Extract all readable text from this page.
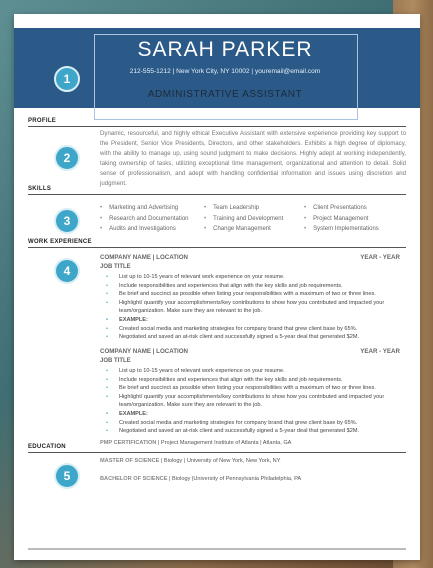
SARAH PARKER
212-555-1212 | New York City, NY 10002 | youremail@email.com
ADMINISTRATIVE ASSISTANT
1
PROFILE
2
Dynamic, resourceful, and highly ethical Executive Assistant with extensive experience providing key support to the President, Senior Vice Presidents, Directors, and other stakeholders. Exhibits a high degree of diplomacy, with the ability to manage up, using sound judgment to make decisions. Highly adept at working independently, taking ownership of tasks, utilizing exceptional time management, organizational and attention to detail. Solid sense of professionalism, and adept with handling confidential information and issues using discretion and judgment.
SKILLS
3
• Marketing and Advertising
• Research and Documentation
• Audits and Investigations
• Team Leadership
• Training and Development
• Change Management
• Client Presentations
• Project Management
• System Implementations
WORK EXPERIENCE
4
COMPANY NAME | LOCATION	YEAR - YEAR
JOB TITLE
• List up to 10-15 years of relevant work experience on your resume.
• Include responsibilities and experiences that align with the key skills and job requirements.
• Be brief and succinct as possible when listing your responsibilities with a maximum of two or three lines.
• Highlight/ quantify your accomplishments/key contributions to show how you contributed and impacted your team/organization. Make sure they are relevant to the job.
• EXAMPLE:
• Created social media and marketing strategies for company brand that grew client base by 65%.
• Negotiated and saved an at-risk client and successfully signed a 5-year deal that generated $2M.
COMPANY NAME | LOCATION	YEAR - YEAR
JOB TITLE
• List up to 10-15 years of relevant work experience on your resume.
• Include responsibilities and experiences that align with the key skills and job requirements.
• Be brief and succinct as possible when listing your responsibilities with a maximum of two or three lines.
• Highlight/ quantify your accomplishments/key contributions to show how you contributed and impacted your team/organization. Make sure they are relevant to the job.
• EXAMPLE:
• Created social media and marketing strategies for company brand that grew client base by 65%.
• Negotiated and saved an at-risk client and successfully signed a 5-year deal that generated $2M.
EDUCATION
5
PMP CERTIFICATION | Project Management Institute of Atlanta | Atlanta, GA
MASTER OF SCIENCE | Biology | University of New York, New York, NY
BACHELOR OF SCIENCE | Biology |University of Pennsylvania Philadelphia, PA
